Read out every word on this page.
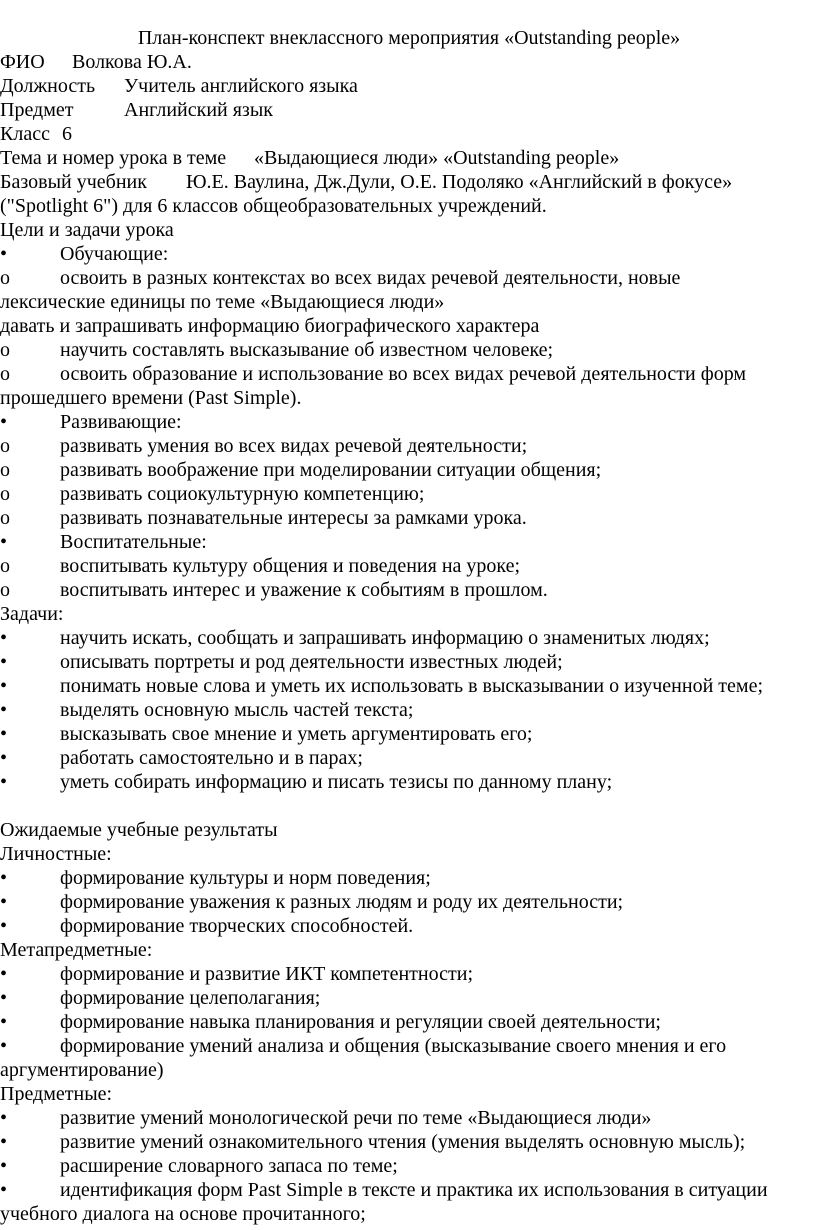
План-конспект внеклассного мероприятия «Outstanding people»
ФИО Волкова Ю.А.
Должность Учитель английского языка
Предмет	Английский язык
Класс 6
Тема и номер урока в теме «Выдающиеся люди» «Outstanding people»
Базовый учебник Ю.Е. Ваулина, Дж.Дули, О.Е. Подоляко «Английский в фокусе»
("Spotlight 6") для 6 классов общеобразовательных учреждений.
Цели и задачи урока
•	Обучающие:
o	освоить в разных контекстах во всех видах речевой деятельности, новые
лексические единицы по теме «Выдающиеся люди»
давать и запрашивать информацию биографического характера
o	научить составлять высказывание об известном человеке;
o	освоить образование и использование во всех видах речевой деятельности форм
прошедшего времени (Past Simple).
•	Развивающие:
o	развивать умения во всех видах речевой деятельности;
o	развивать воображение при моделировании ситуации общения;
o	развивать социокультурную компетенцию;
o	развивать познавательные интересы за рамками урока.
•	Воспитательные:
o	воспитывать культуру общения и поведения на уроке;
o	воспитывать интерес и уважение к событиям в прошлом.
Задачи:
•	научить искать, сообщать и запрашивать информацию о знаменитых людях;
•	описывать портреты и род деятельности известных людей;
•	понимать новые слова и уметь их использовать в высказывании о изученной теме;
•	выделять основную мысль частей текста;
•	высказывать свое мнение и уметь аргументировать его;
•	работать самостоятельно и в парах;
•	уметь собирать информацию и писать тезисы по данному плану;
Ожидаемые учебные результаты
Личностные:
•	формирование культуры и норм поведения;
•	формирование уважения к разных людям и роду их деятельности;
•	формирование творческих способностей.
Метапредметные:
•	формирование и развитие ИКТ компетентности;
•	формирование целеполагания;
•	формирование навыка планирования и регуляции своей деятельности;
•	формирование умений анализа и общения (высказывание своего мнения и его
аргументирование)
Предметные:
•	развитие умений монологической речи по теме «Выдающиеся люди»
•	развитие умений ознакомительного чтения (умения выделять основную мысль);
•	расширение словарного запаса по теме;
•	идентификация форм Past Simple в тексте и практика их использования в ситуации
учебного диалога на основе прочитанного;
